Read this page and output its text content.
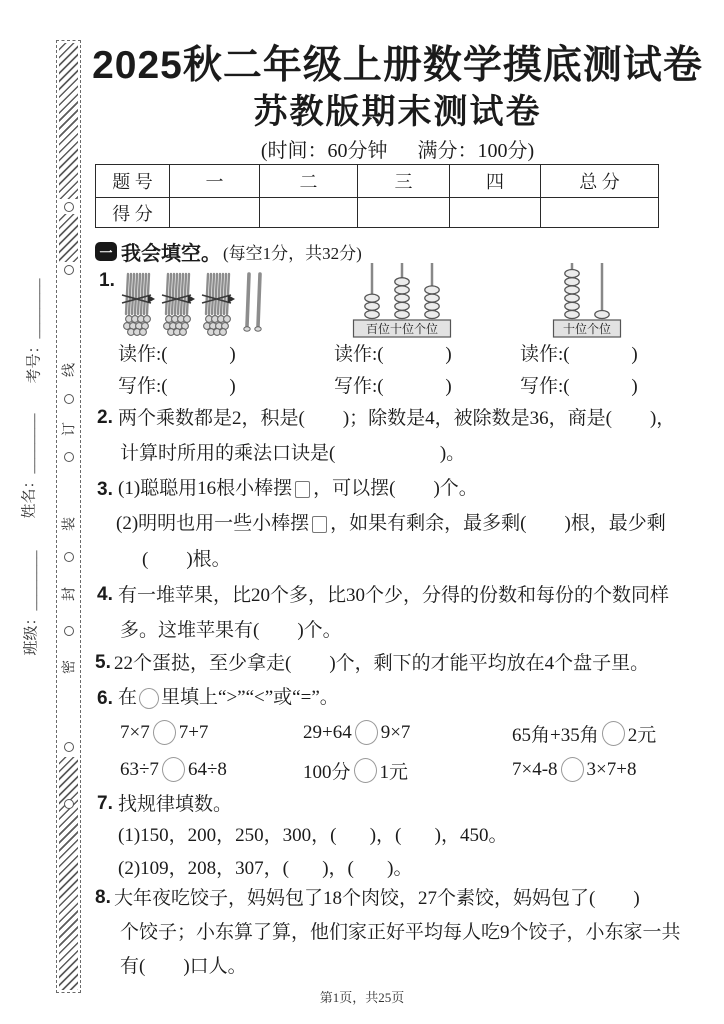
线

订

装

封

密

考号：________
姓名：________
班级：________
2025秋二年级上册数学摸底测试卷
苏教版期末测试卷
(时间：60分钟      满分：100分)
题 号	一	二	三	四	总 分
得 分					
一 我会填空。 (每空1分，共32分)
1.
百位十位个位	十位个位
读作:(             )	读作:(             )	读作:(             )
写作:(             )	写作:(             )	写作:(             )
2. 两个乘数都是2，积是(        )；除数是4，被除数是36，商是(        )，
计算时所用的乘法口诀是(                      )。
3. (1)聪聪用16根小棒摆 ，可以摆(        )个。
(2)明明也用一些小棒摆 ，如果有剩余，最多剩(        )根，最少剩
(        )根。
4. 有一堆苹果，比20个多，比30个少，分得的份数和每份的个数同样
多。这堆苹果有(        )个。
5. 22个蛋挞，至少拿走(        )个，剩下的才能平均放在4个盘子里。
6. 在 里填上“>”“<”或“=”。
7×7 7+7	29+64 9×7	65角+35角 2元
63÷7 64÷8	100分 1元	7×4-8 3×7+8
7. 找规律填数。
(1)150，200，250，300，(       )，(       )，450。
(2)109，208，307，(       )，(       )。
8. 大年夜吃饺子，妈妈包了18个肉饺，27个素饺，妈妈包了(        )
个饺子；小东算了算，他们家正好平均每人吃9个饺子，小东家一共
有(        )口人。
第1页，共25页
